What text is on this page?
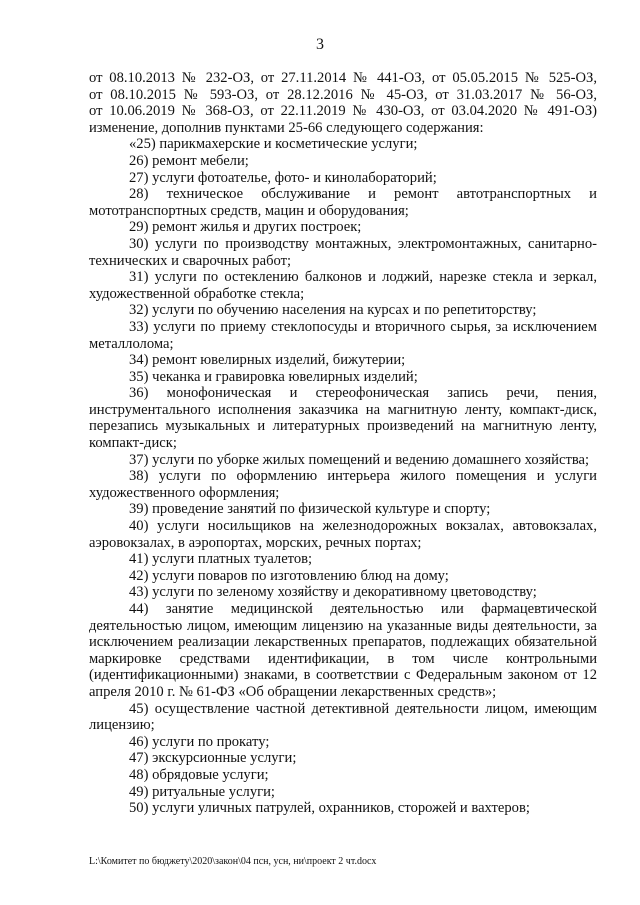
3

от 08.10.2013 № 232-ОЗ, от 27.11.2014 № 441-ОЗ, от 05.05.2015 № 525-ОЗ,

от 08.10.2015 № 593-ОЗ, от 28.12.2016 № 45-ОЗ, от 31.03.2017 № 56-ОЗ,

от 10.06.2019 № 368-ОЗ, от 22.11.2019 № 430-ОЗ, от 03.04.2020 № 491-ОЗ)

изменение, дополнив пунктами 25-66 следующего содержания:

«25) парикмахерские и косметические услуги;

26) ремонт мебели;

27) услуги фотоателье, фото- и кинолабораторий;

28) техническое обслуживание и ремонт автотранспортных и

мототранспортных средств, мацин и оборудования;

29) ремонт жилья и других построек;

30) услуги по производству монтажных, электромонтажных, санитарно-

технических и сварочных работ;

31) услуги по остеклению балконов и лоджий, нарезке стекла и зеркал,

художественной обработке стекла;

32) услуги по обучению населения на курсах и по репетиторству;

33) услуги по приему стеклопосуды и вторичного сырья, за исключением

металлолома;

34) ремонт ювелирных изделий, бижутерии;

35) чеканка и гравировка ювелирных изделий;

36) монофоническая и стереофоническая запись речи, пения,

инструментального исполнения заказчика на магнитную ленту, компакт-диск,

перезапись музыкальных и литературных произведений на магнитную ленту,

компакт-диск;

37) услуги по уборке жилых помещений и ведению домашнего хозяйства;

38) услуги по оформлению интерьера жилого помещения и услуги

художественного оформления;

39) проведение занятий по физической культуре и спорту;

40) услуги носильщиков на железнодорожных вокзалах, автовокзалах,

аэровокзалах, в аэропортах, морских, речных портах;

41) услуги платных туалетов;

42) услуги поваров по изготовлению блюд на дому;

43) услуги по зеленому хозяйству и декоративному цветоводству;

44) занятие медицинской деятельностью или фармацевтической

деятельностью лицом, имеющим лицензию на указанные виды деятельности, за

исключением реализации лекарственных препаратов, подлежащих обязательной

маркировке средствами идентификации, в том числе контрольными

(идентификационными) знаками, в соответствии с Федеральным законом от 12

апреля 2010 г. № 61-ФЗ «Об обращении лекарственных средств»;

45) осуществление частной детективной деятельности лицом, имеющим

лицензию;

46) услуги по прокату;

47) экскурсионные услуги;

48) обрядовые услуги;

49) ритуальные услуги;

50) услуги уличных патрулей, охранников, сторожей и вахтеров;

L:\Комитет по бюджету\2020\закон\04 псн, усн, ни\проект 2 чт.docx
